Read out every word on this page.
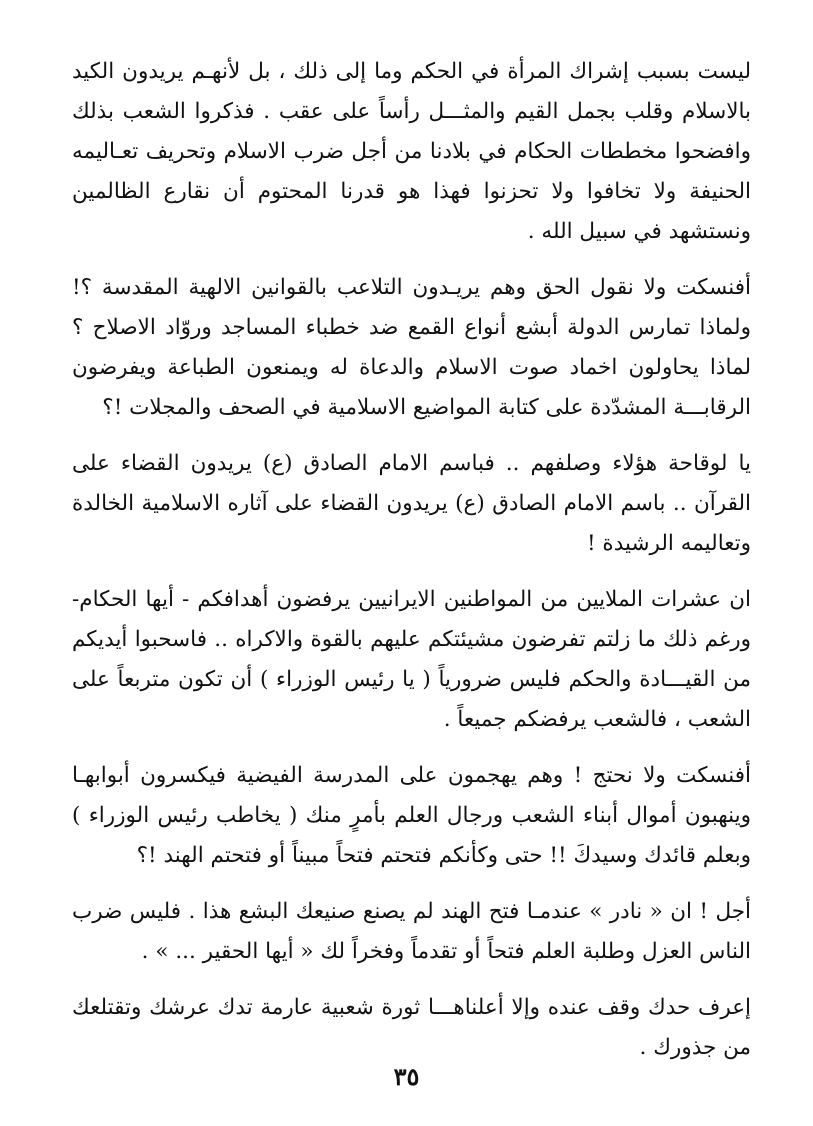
ليست بسبب إشراك المرأة في الحكم وما إلى ذلك ، بل لأنهـم يريدون الكيد بالاسلام وقلب بجمل القيم والمثـــل رأساً على عقب . فذكروا الشعب بذلك وافضحوا مخططات الحكام في بلادنا من أجل ضرب الاسلام وتحريف تعـاليمه الحنيفة ولا تخافوا ولا تحزنوا فهذا هو قدرنا المحتوم أن نقارع الظالمين ونستشهد في سبيل الله .

أفنسكت ولا نقول الحق وهم يريـدون التلاعب بالقوانين الالهية المقدسة ؟! ولماذا تمارس الدولة أبشع أنواع القمع ضد خطباء المساجد وروّاد الاصلاح ؟ لماذا يحاولون اخماد صوت الاسلام والدعاة له ويمنعون الطباعة ويفرضون الرقابـــة المشدّدة على كتابة المواضيع الاسلامية في الصحف والمجلات !؟

يا لوقاحة هؤلاء وصلفهم .. فباسم الامام الصادق (ع) يريدون القضاء على القرآن .. باسم الامام الصادق (ع) يريدون القضاء على آثاره الاسلامية الخالدة وتعاليمه الرشيدة !

ان عشرات الملايين من المواطنين الايرانيين يرفضون أهدافكم - أيها الحكام- ورغم ذلك ما زلتم تفرضون مشيئتكم عليهم بالقوة والاكراه .. فاسحبوا أيديكم من القيـــادة والحكم فليس ضرورياً ( يا رئيس الوزراء ) أن تكون متربعاً على الشعب ، فالشعب يرفضكم جميعاً .

أفنسكت ولا نحتج ! وهم يهجمون على المدرسة الفيضية فيكسرون أبوابهـا وينهبون أموال أبناء الشعب ورجال العلم بأمرٍ منك ( يخاطب رئيس الوزراء ) وبعلم قائدك وسيدكَ !! حتى وكأنكم فتحتم فتحاً مبيناً أو فتحتم الهند !؟

أجل ! ان « نادر » عندمـا فتح الهند لم يصنع صنيعك البشع هذا . فليس ضرب الناس العزل وطلبة العلم فتحاً أو تقدماً وفخراً لك « أيها الحقير ... » .

إعرف حدك وقف عنده وإلا أعلناهـــا ثورة شعبية عارمة تدك عرشك وتقتلعك من جذورك .

٣٥
